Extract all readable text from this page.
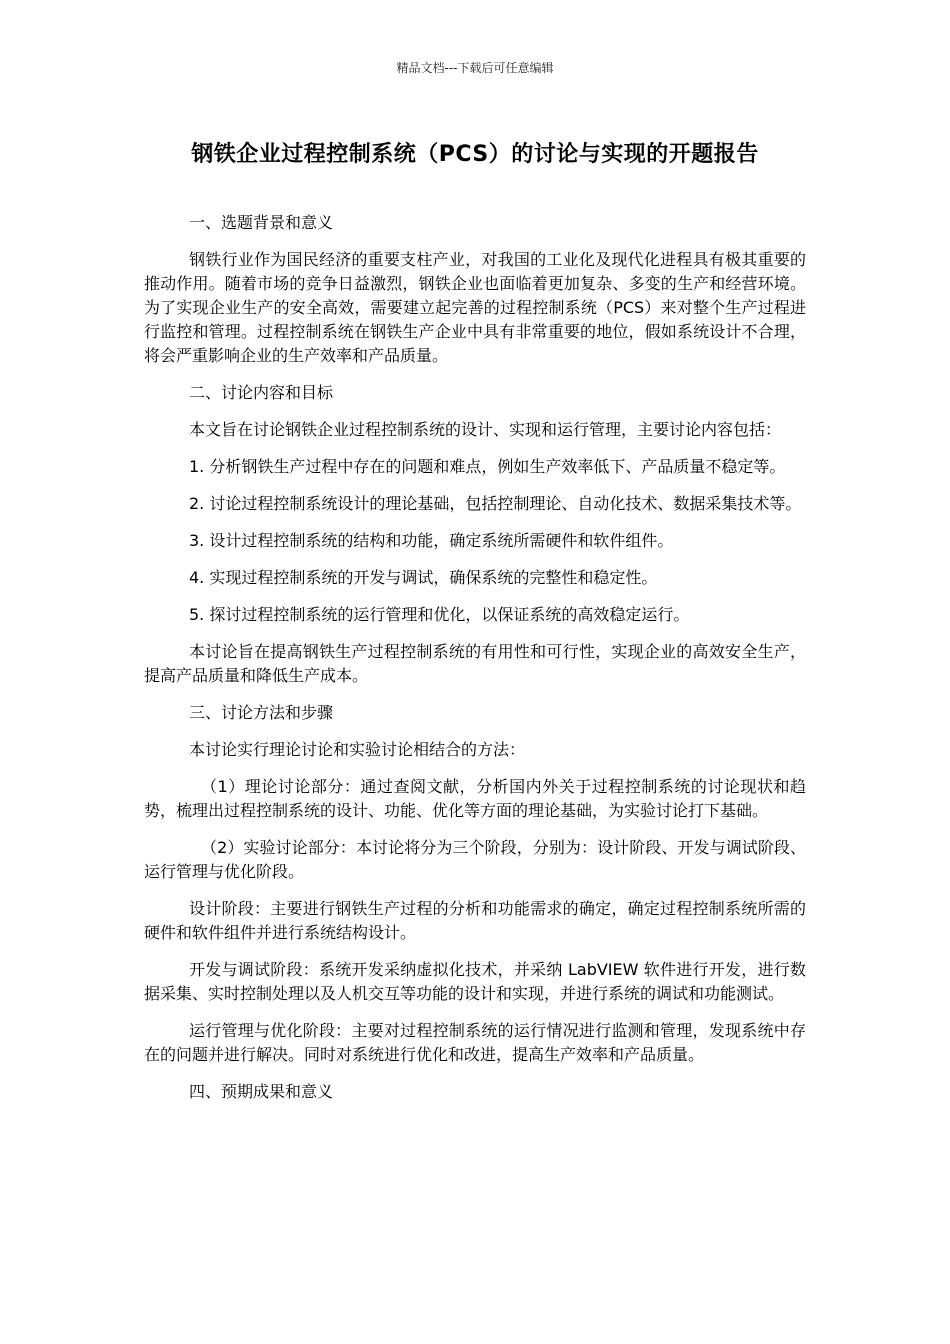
精品文档---下载后可任意编辑
钢铁企业过程控制系统（PCS）的讨论与实现的开题报告
一、选题背景和意义
钢铁行业作为国民经济的重要支柱产业，对我国的工业化及现代化进程具有极其重要的推动作用。随着市场的竞争日益激烈，钢铁企业也面临着更加复杂、多变的生产和经营环境。为了实现企业生产的安全高效，需要建立起完善的过程控制系统（PCS）来对整个生产过程进行监控和管理。过程控制系统在钢铁生产企业中具有非常重要的地位，假如系统设计不合理，将会严重影响企业的生产效率和产品质量。
二、讨论内容和目标
本文旨在讨论钢铁企业过程控制系统的设计、实现和运行管理，主要讨论内容包括：
1. 分析钢铁生产过程中存在的问题和难点，例如生产效率低下、产品质量不稳定等。
2. 讨论过程控制系统设计的理论基础，包括控制理论、自动化技术、数据采集技术等。
3. 设计过程控制系统的结构和功能，确定系统所需硬件和软件组件。
4. 实现过程控制系统的开发与调试，确保系统的完整性和稳定性。
5. 探讨过程控制系统的运行管理和优化，以保证系统的高效稳定运行。
本讨论旨在提高钢铁生产过程控制系统的有用性和可行性，实现企业的高效安全生产，提高产品质量和降低生产成本。
三、讨论方法和步骤
本讨论实行理论讨论和实验讨论相结合的方法：
（1）理论讨论部分：通过查阅文献，分析国内外关于过程控制系统的讨论现状和趋势，梳理出过程控制系统的设计、功能、优化等方面的理论基础，为实验讨论打下基础。
（2）实验讨论部分：本讨论将分为三个阶段，分别为：设计阶段、开发与调试阶段、运行管理与优化阶段。
设计阶段：主要进行钢铁生产过程的分析和功能需求的确定，确定过程控制系统所需的硬件和软件组件并进行系统结构设计。
开发与调试阶段：系统开发采纳虚拟化技术，并采纳 LabVIEW 软件进行开发，进行数据采集、实时控制处理以及人机交互等功能的设计和实现，并进行系统的调试和功能测试。
运行管理与优化阶段：主要对过程控制系统的运行情况进行监测和管理，发现系统中存在的问题并进行解决。同时对系统进行优化和改进，提高生产效率和产品质量。
四、预期成果和意义
